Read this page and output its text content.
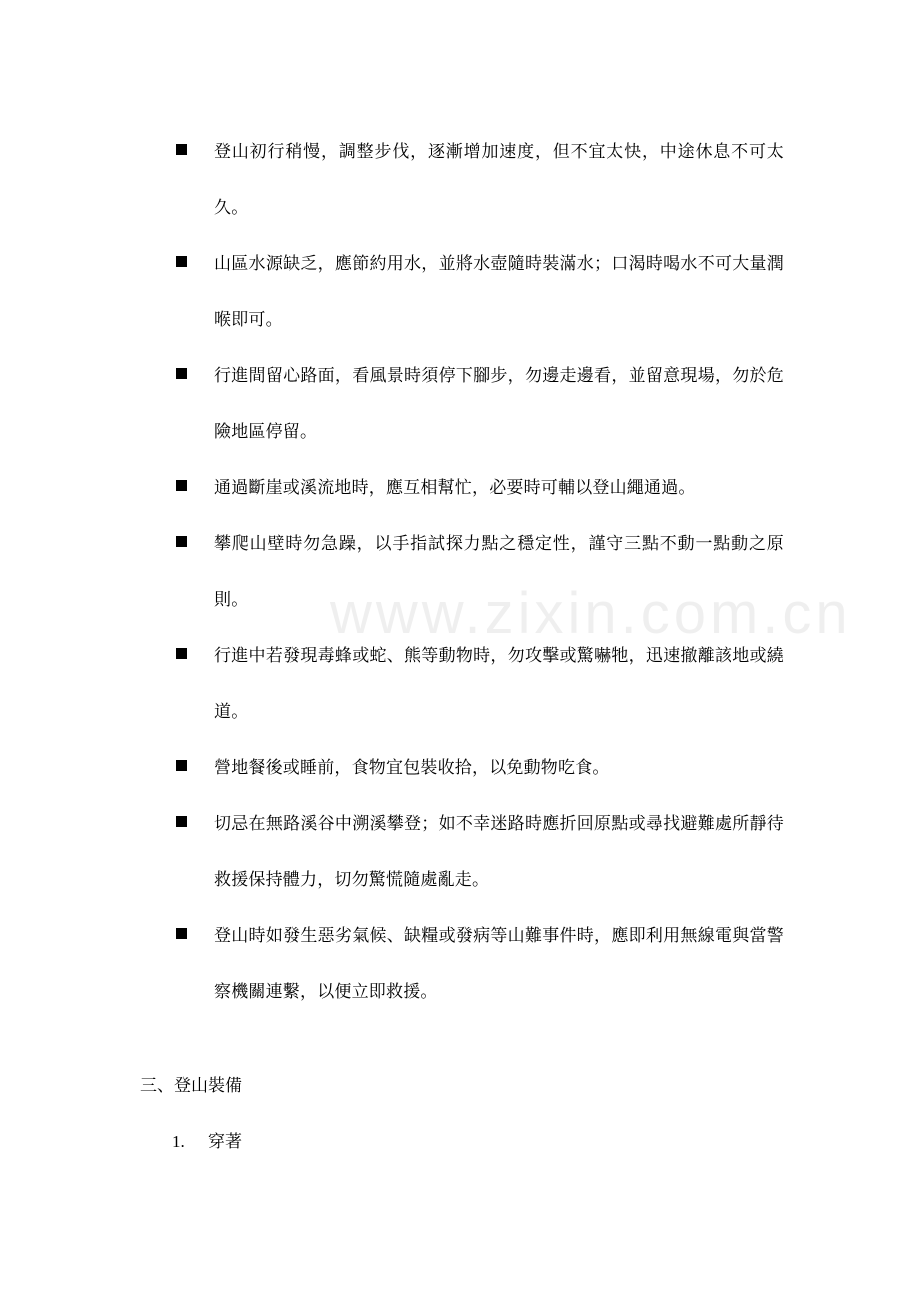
www.zixin.com.cn
登山初行稍慢，調整步伐，逐漸增加速度，但不宜太快，中途休息不可太久。
山區水源缺乏，應節約用水，並將水壺隨時裝滿水；口渴時喝水不可大量潤喉即可。
行進間留心路面，看風景時須停下腳步，勿邊走邊看，並留意現場，勿於危險地區停留。
通過斷崖或溪流地時，應互相幫忙，必要時可輔以登山繩通過。
攀爬山壁時勿急躁，以手指試探力點之穩定性，謹守三點不動一點動之原則。
行進中若發現毒蜂或蛇、熊等動物時，勿攻擊或驚嚇牠，迅速撤離該地或繞道。
營地餐後或睡前，食物宜包裝收拾，以免動物吃食。
切忌在無路溪谷中溯溪攀登；如不幸迷路時應折回原點或尋找避難處所靜待救援保持體力，切勿驚慌隨處亂走。
登山時如發生惡劣氣候、缺糧或發病等山難事件時，應即利用無線電與當警察機關連繫，以便立即救援。
三、登山裝備
1. 穿著
